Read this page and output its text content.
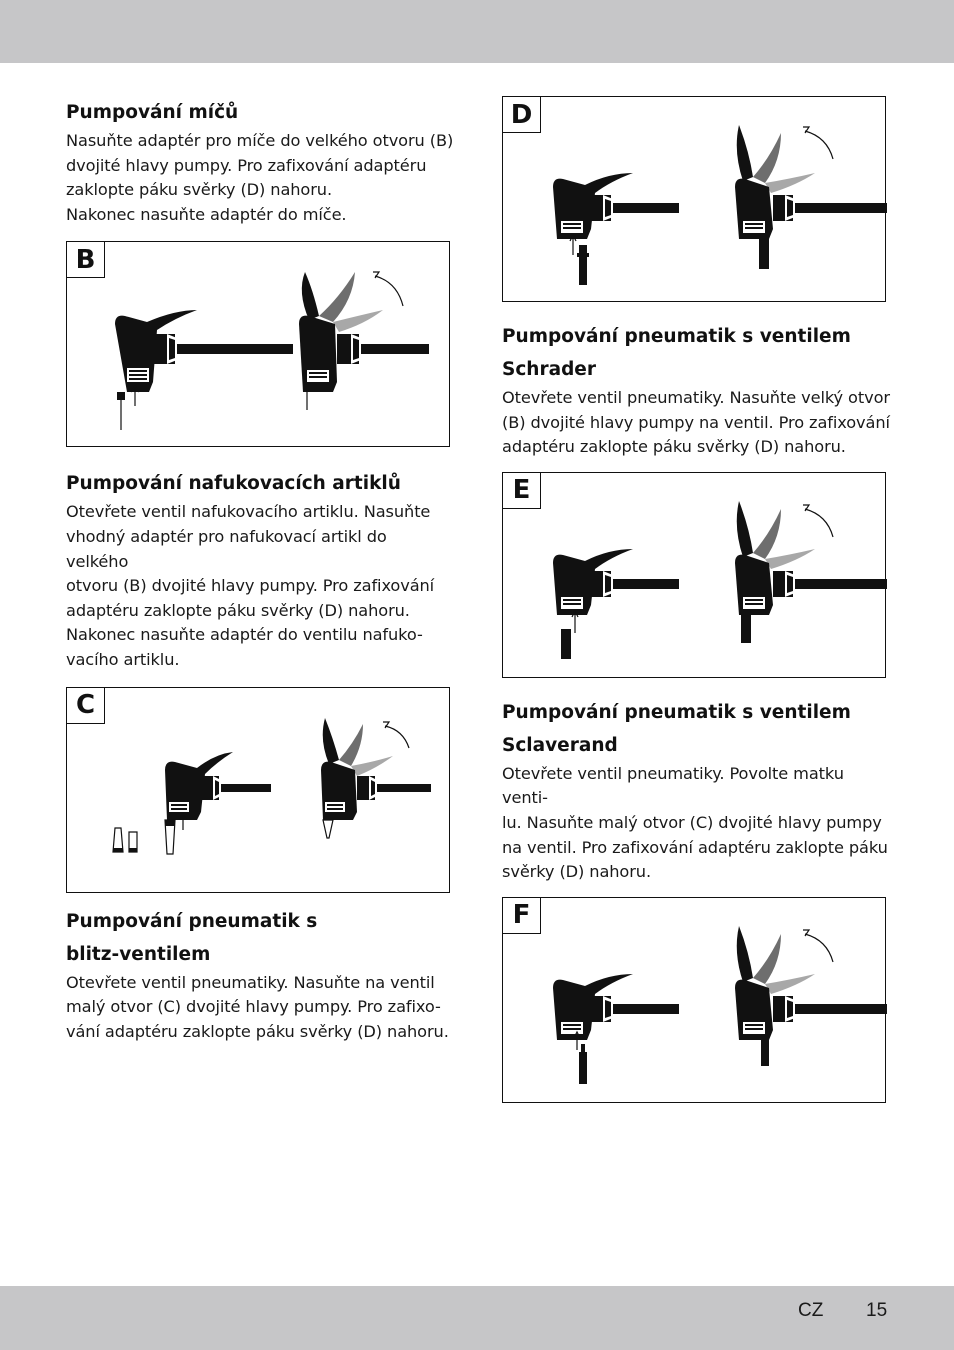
Pumpování míčů

Nasuňte adaptér pro míče do velkého otvoru (B)
dvojité hlavy pumpy. Pro zafixování adaptéru
zaklopte páku svěrky (D) nahoru.
Nakonec nasuňte adaptér do míče.

B
Pumpování nafukovacích artiklů

Otevřete ventil nafukovacího artiklu. Nasuňte
vhodný adaptér pro nafukovací artikl do velkého
otvoru (B) dvojité hlavy pumpy. Pro zafixování
adaptéru zaklopte páku svěrky (D) nahoru.
Nakonec nasuňte adaptér do ventilu nafuko-
vacího artiklu.

C
Pumpování pneumatik s
blitz-ventilem

Otevřete ventil pneumatiky. Nasuňte na ventil
malý otvor (C) dvojité hlavy pumpy. Pro zafixo-
vání adaptéru zaklopte páku svěrky (D) nahoru.

D
Pumpování pneumatik s ventilem
Schrader

Otevřete ventil pneumatiky. Nasuňte velký otvor
(B) dvojité hlavy pumpy na ventil. Pro zafixování
adaptéru zaklopte páku svěrky (D) nahoru.

E
Pumpování pneumatik s ventilem
Sclaverand

Otevřete ventil pneumatiky. Povolte matku venti-
lu. Nasuňte malý otvor (C) dvojité hlavy pumpy
na ventil. Pro zafixování adaptéru zaklopte páku
svěrky (D) nahoru.

F
CZ 15
